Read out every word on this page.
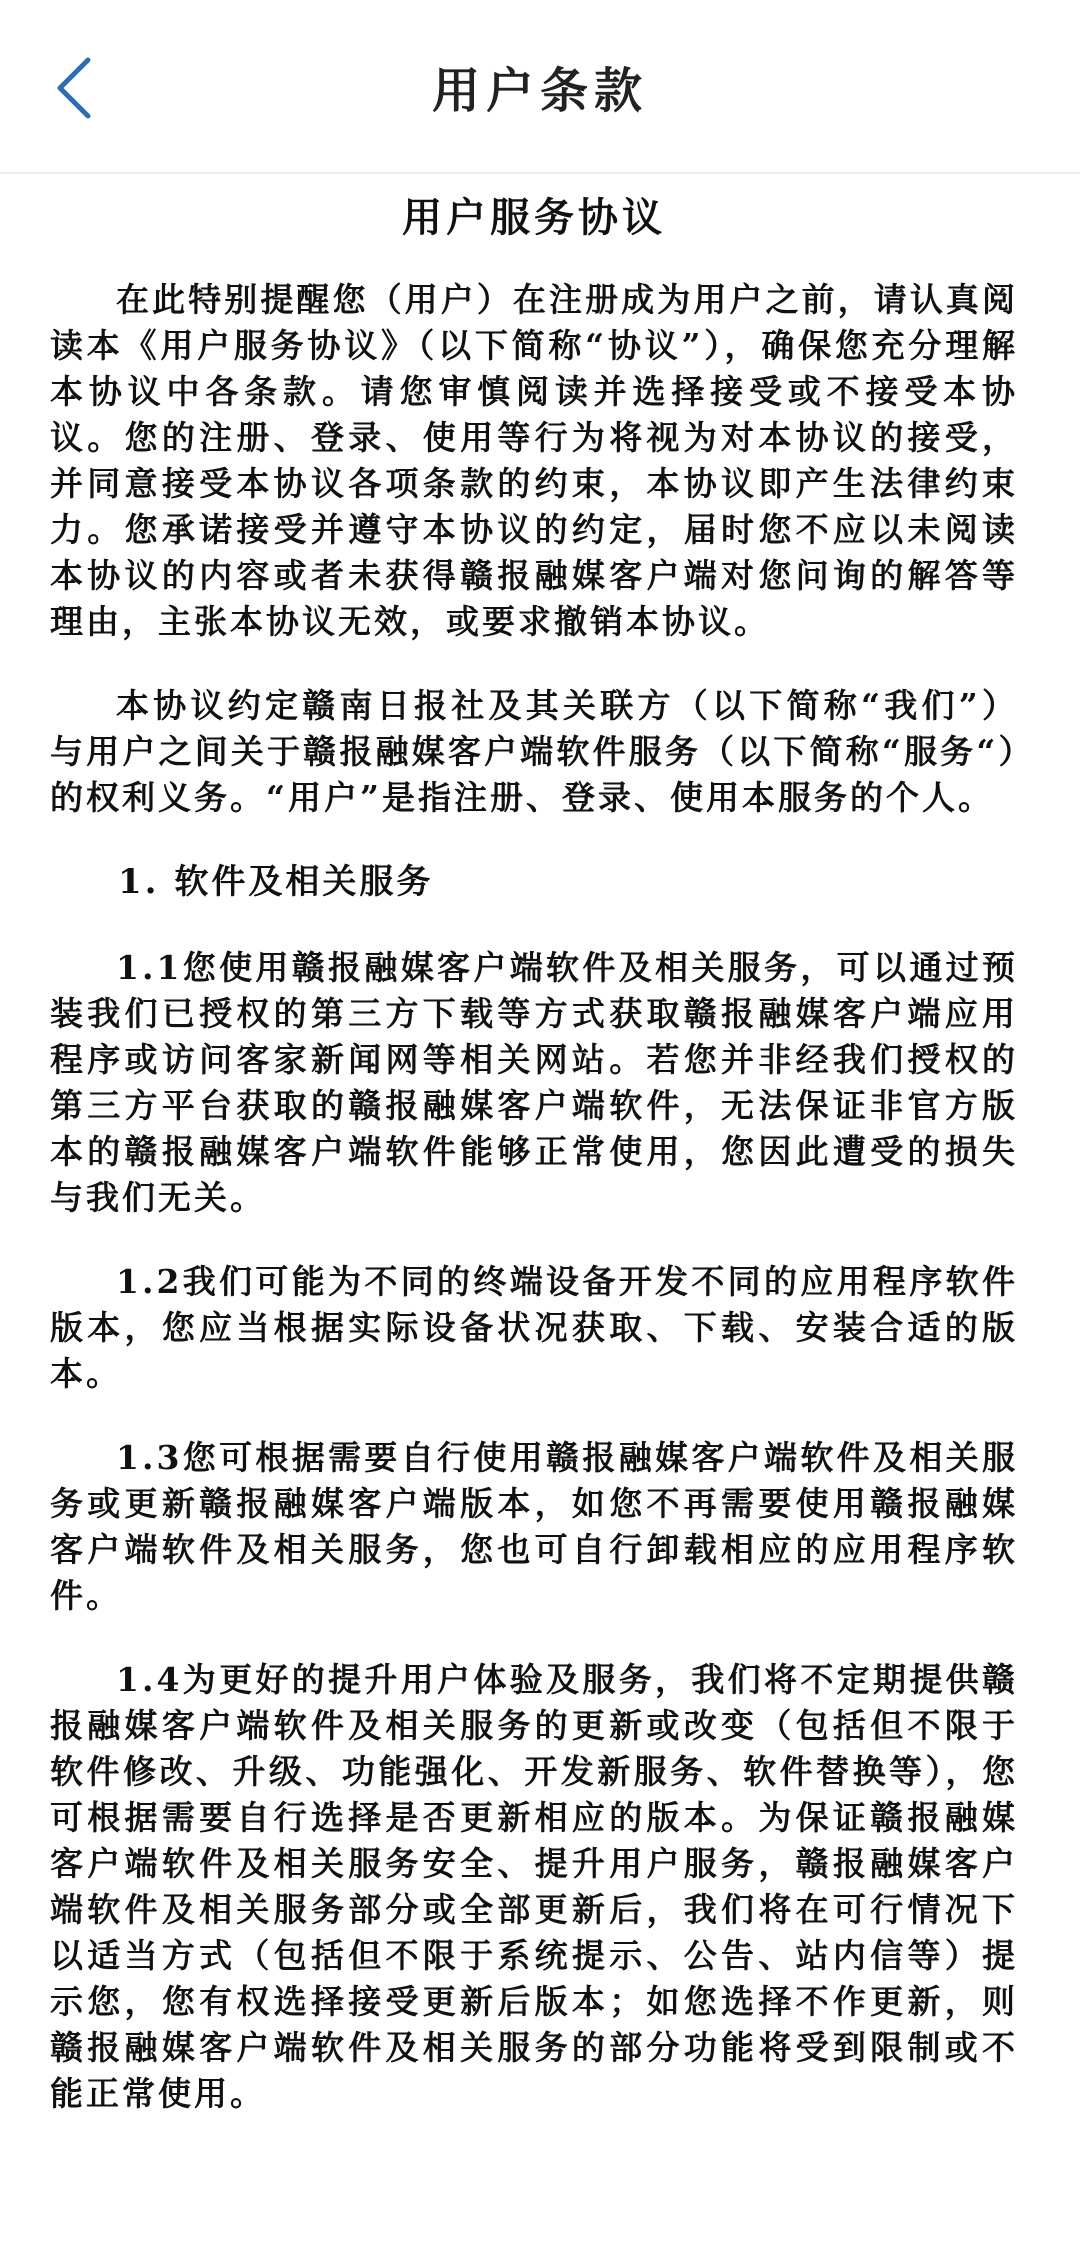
用户条款
用户服务协议

在此特别提醒您（用户）在注册成为用户之前，请认真阅读本《用户服务协议》（以下简称“协议”），确保您充分理解本协议中各条款。请您审慎阅读并选择接受或不接受本协议。您的注册、登录、使用等行为将视为对本协议的接受，并同意接受本协议各项条款的约束，本协议即产生法律约束力。您承诺接受并遵守本协议的约定，届时您不应以未阅读本协议的内容或者未获得赣报融媒客户端对您问询的解答等理由，主张本协议无效，或要求撤销本协议。

本协议约定赣南日报社及其关联方（以下简称“我们”）与用户之间关于赣报融媒客户端软件服务（以下简称“服务“）的权利义务。“用户”是指注册、登录、使用本服务的个人。

1. 软件及相关服务

1.1您使用赣报融媒客户端软件及相关服务，可以通过预装我们已授权的第三方下载等方式获取赣报融媒客户端应用程序或访问客家新闻网等相关网站。若您并非经我们授权的第三方平台获取的赣报融媒客户端软件，无法保证非官方版本的赣报融媒客户端软件能够正常使用，您因此遭受的损失与我们无关。

1.2我们可能为不同的终端设备开发不同的应用程序软件版本，您应当根据实际设备状况获取、下载、安装合适的版本。

1.3您可根据需要自行使用赣报融媒客户端软件及相关服务或更新赣报融媒客户端版本，如您不再需要使用赣报融媒客户端软件及相关服务，您也可自行卸载相应的应用程序软件。

1.4为更好的提升用户体验及服务，我们将不定期提供赣报融媒客户端软件及相关服务的更新或改变（包括但不限于软件修改、升级、功能强化、开发新服务、软件替换等），您可根据需要自行选择是否更新相应的版本。为保证赣报融媒客户端软件及相关服务安全、提升用户服务，赣报融媒客户端软件及相关服务部分或全部更新后，我们将在可行情况下以适当方式（包括但不限于系统提示、公告、站内信等）提示您，您有权选择接受更新后版本；如您选择不作更新，则赣报融媒客户端软件及相关服务的部分功能将受到限制或不能正常使用。
